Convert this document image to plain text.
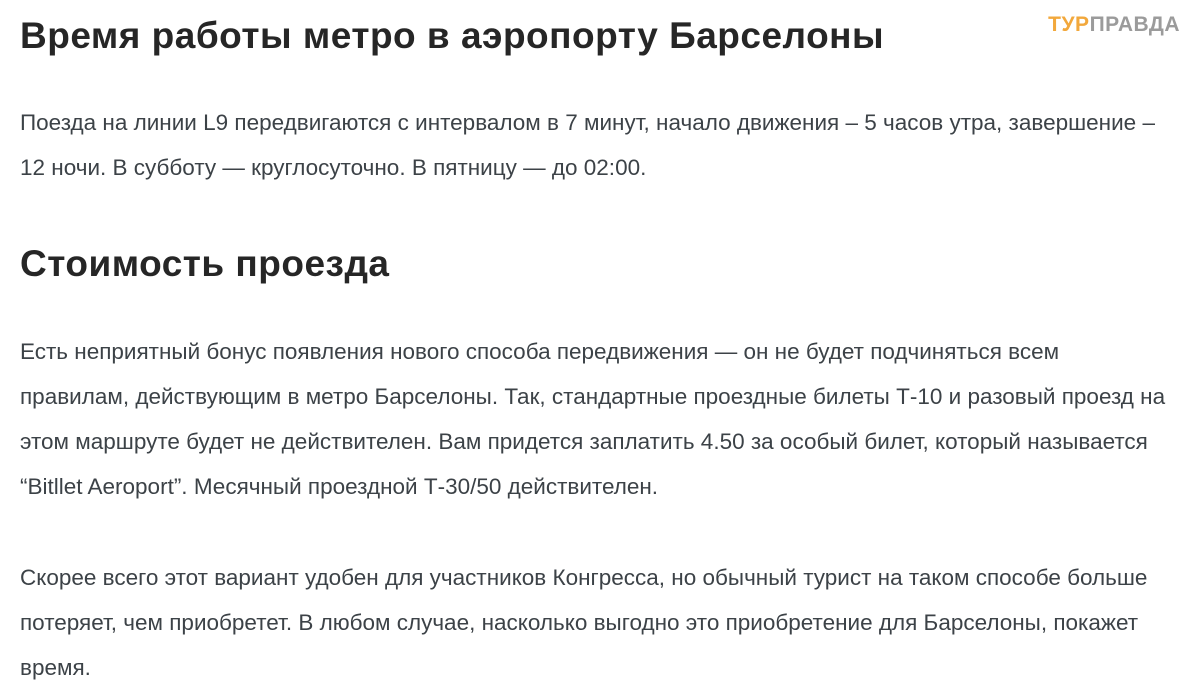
ТУРПРАВДА
Время работы метро в аэропорту Барселоны

Поезда на линии L9 передвигаются с интервалом в 7 минут, начало движения – 5 часов утра, завершение – 12 ночи. В субботу — круглосуточно. В пятницу — до 02:00.

Стоимость проезда

Есть неприятный бонус появления нового способа передвижения — он не будет подчиняться всем правилам, действующим в метро Барселоны. Так, стандартные проездные билеты Т-10 и разовый проезд на этом маршруте будет не действителен. Вам придется заплатить 4.50 за особый билет, который называется “Bitllet Aeroport”. Месячный проездной Т-30/50 действителен.

Скорее всего этот вариант удобен для участников Конгресса, но обычный турист на таком способе больше потеряет, чем приобретет. В любом случае, насколько выгодно это приобретение для Барселоны, покажет время.
